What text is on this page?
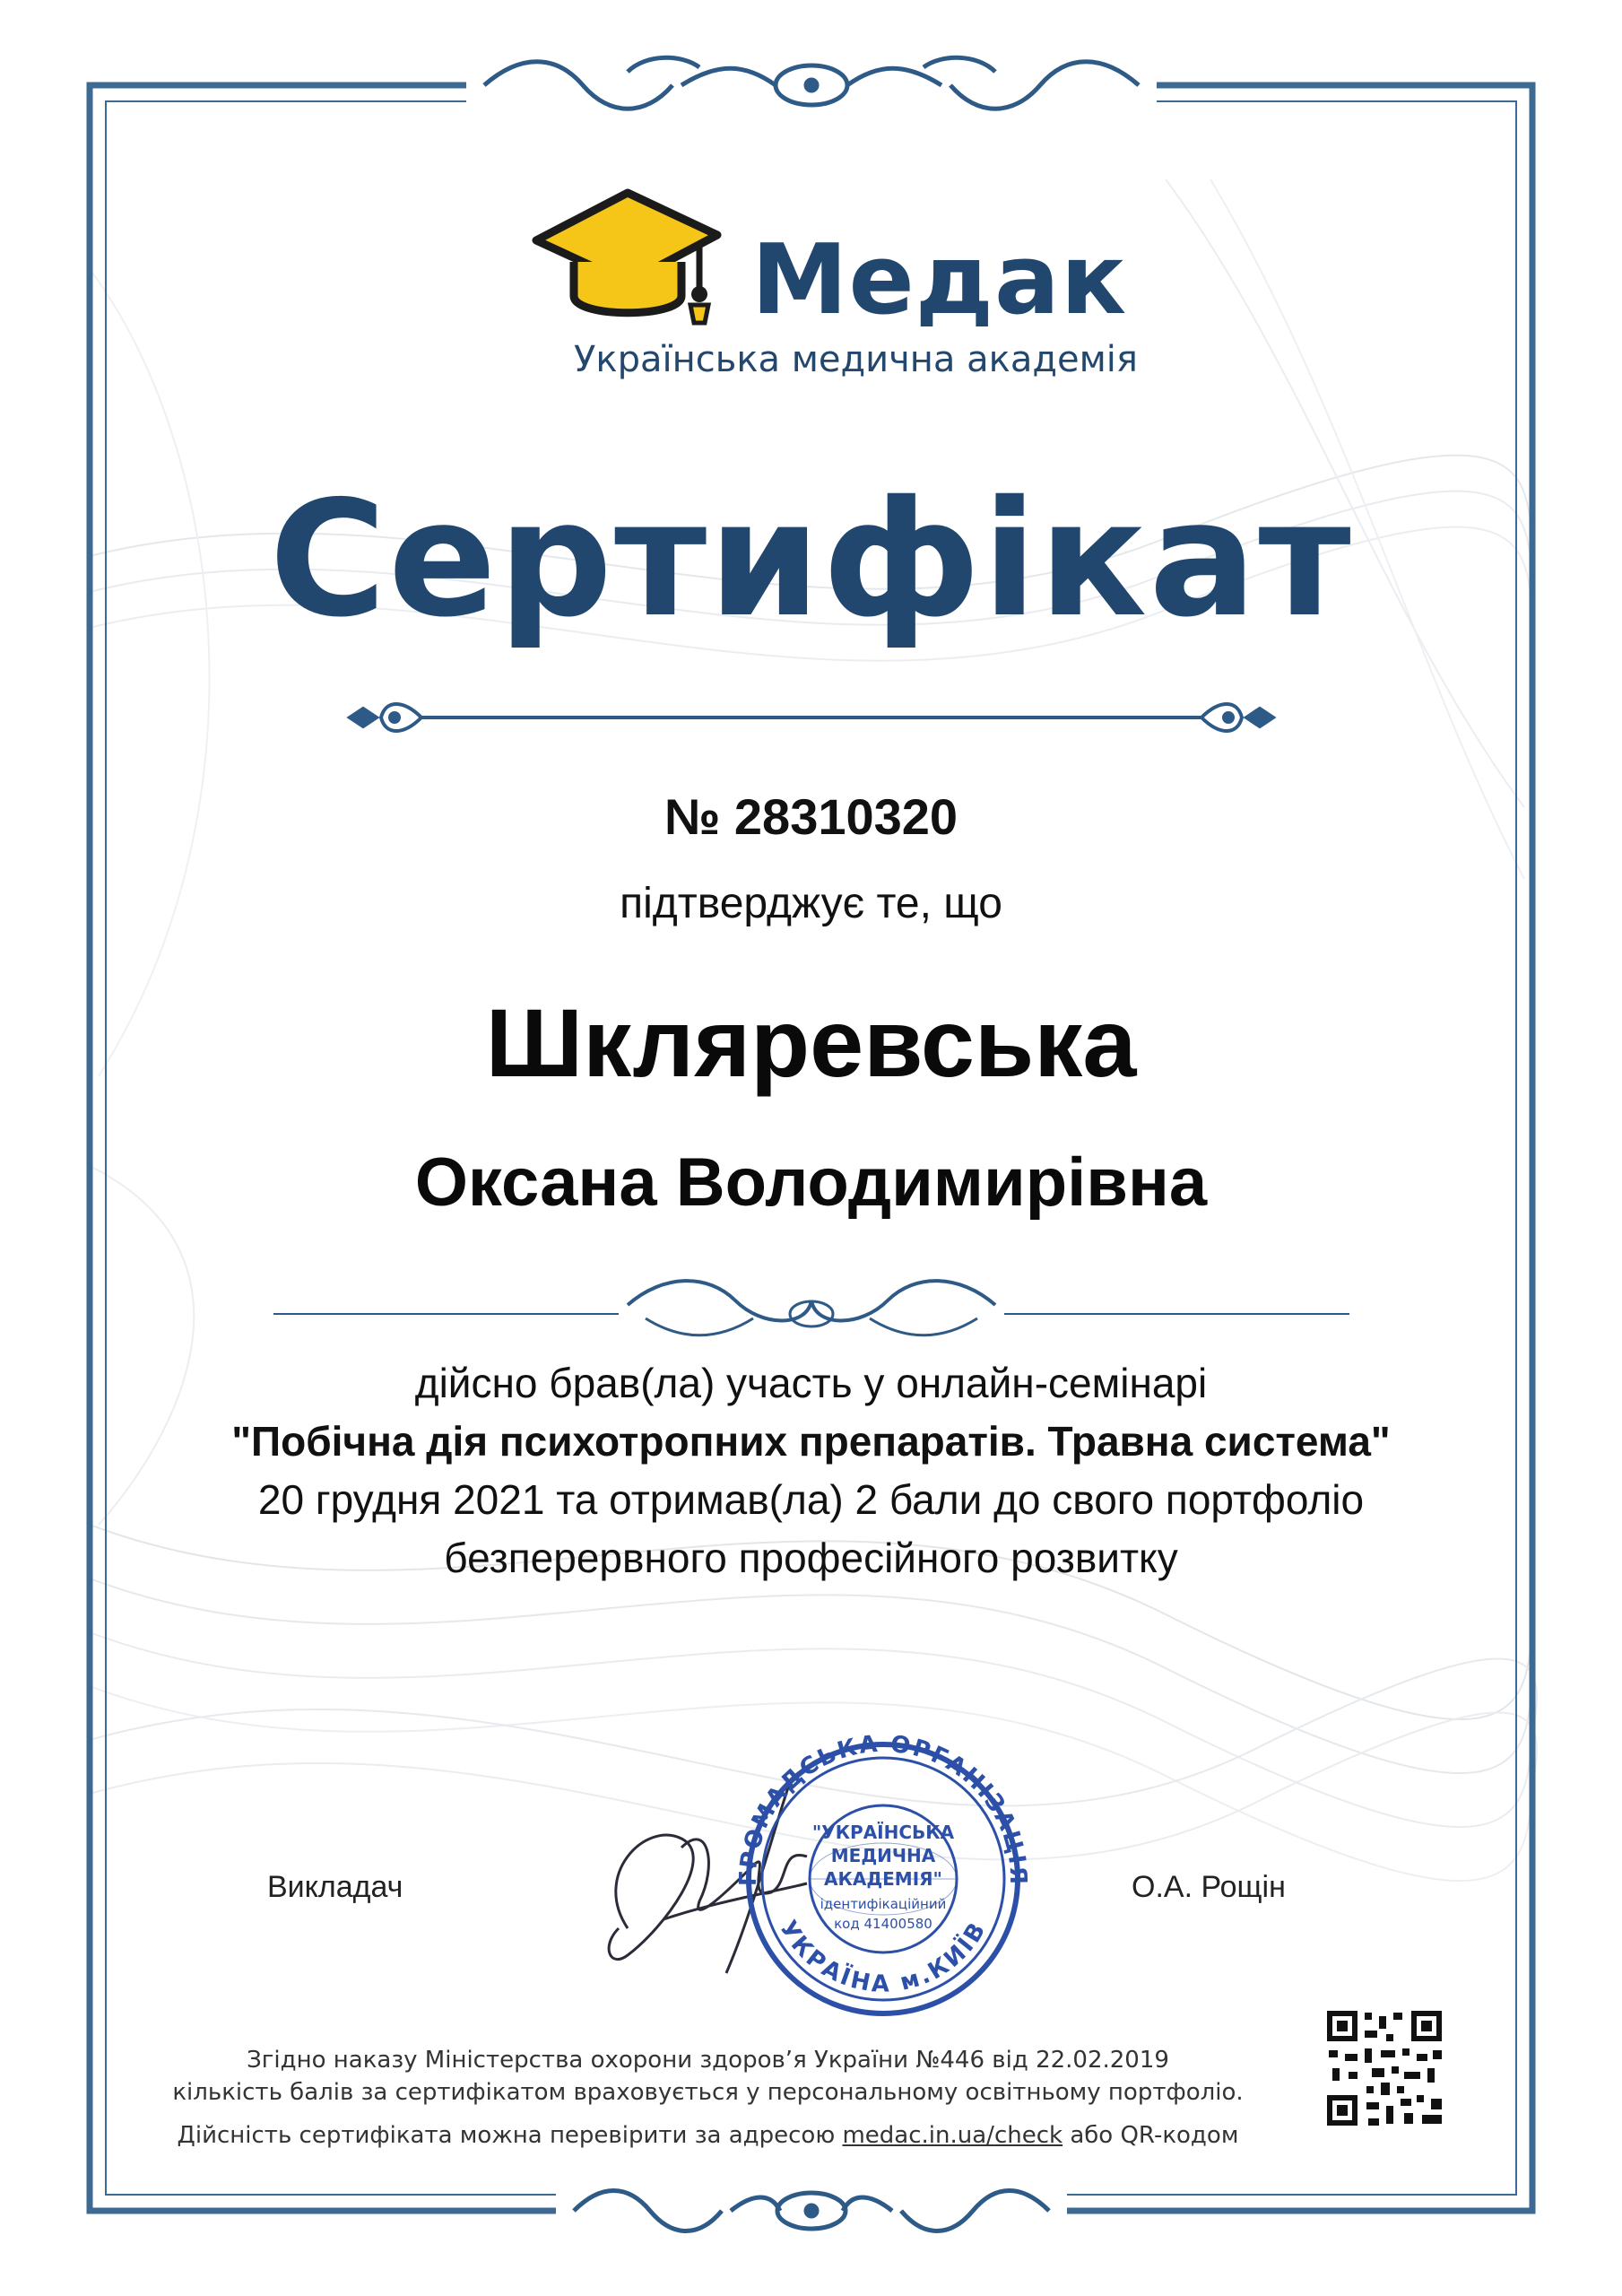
Медак
Українська медична академія
Сертифікат
№ 28310320
підтверджує те, що
Шкляревська
Оксана Володимирівна
дійсно брав(ла) участь у онлайн-семінарі
"Побічна дія психотропних препаратів. Травна система"
20 грудня 2021 та отримав(ла) 2 бали до свого портфоліо
безперервного професійного розвитку
Викладач	О.А. Рощін
ГРОМАДСЬКА ОРГАНІЗАЦІЯ
УКРАЇНА м.КИЇВ
"УКРАЇНСЬКА
МЕДИЧНА
АКАДЕМІЯ"
ідентифікаційний
код 41400580
Згідно наказу Міністерства охорони здоров’я України №446 від 22.02.2019
кількість балів за сертифікатом враховується у персональному освітньому портфоліо.
Дійсність сертифіката можна перевірити за адресою medac.in.ua/check або QR-кодом
